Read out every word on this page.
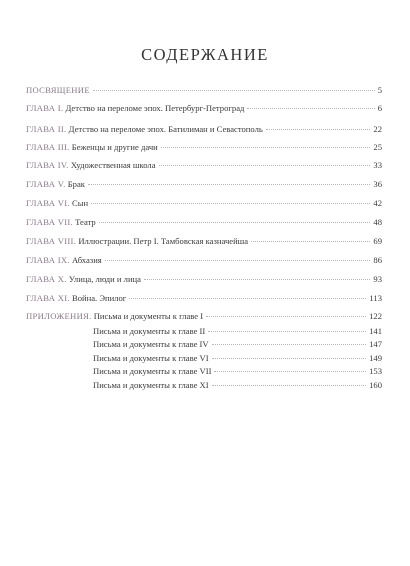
СОДЕРЖАНИЕ
ПОСВЯЩЕНИЕ	5
ГЛАВА I. Детство на переломе эпох. Петербург-Петроград	6
ГЛАВА II. Детство на переломе эпох. Батилиман и Севастополь	22
ГЛАВА III. Беженцы и другие дачи	25
ГЛАВА IV. Художественная школа	33
ГЛАВА V. Брак	36
ГЛАВА VI. Сын	42
ГЛАВА VII. Театр	48
ГЛАВА VIII. Иллюстрации. Петр I. Тамбовская казначейша	69
ГЛАВА IX. Абхазия	86
ГЛАВА X. Улица, люди и лица	93
ГЛАВА XI. Война. Эпилог	113
ПРИЛОЖЕНИЯ. Письма и документы к главе I	122
Письма и документы к главе II	141
Письма и документы к главе IV	147
Письма и документы к главе VI	149
Письма и документы к главе VII	153
Письма и документы к главе XI	160
